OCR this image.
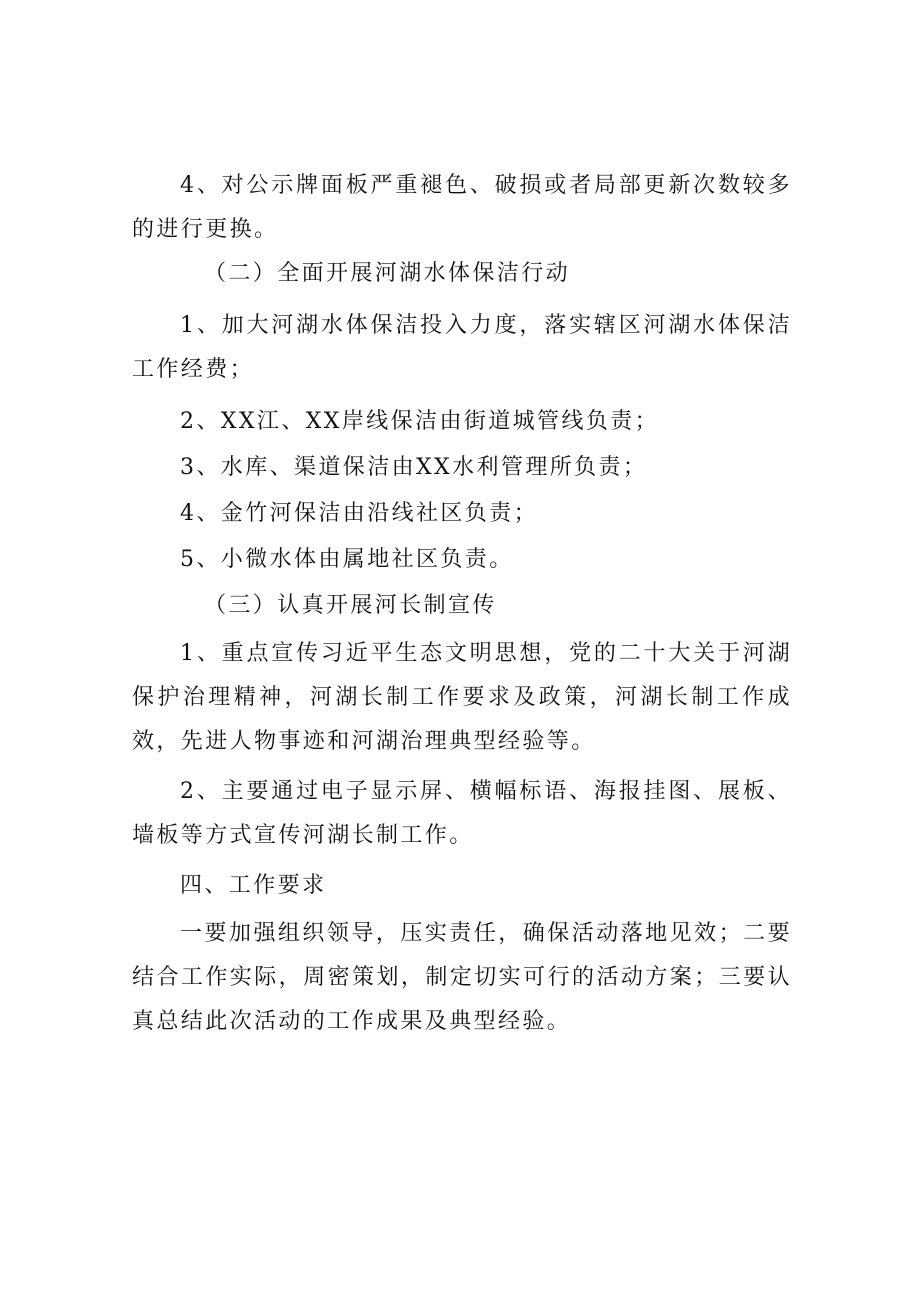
4、对公示牌面板严重褪色、破损或者局部更新次数较多的进行更换。

（二）全面开展河湖水体保洁行动

1、加大河湖水体保洁投入力度，落实辖区河湖水体保洁工作经费；

2、XX江、XX岸线保洁由街道城管线负责；

3、水库、渠道保洁由XX水利管理所负责；

4、金竹河保洁由沿线社区负责；

5、小微水体由属地社区负责。

（三）认真开展河长制宣传

1、重点宣传习近平生态文明思想，党的二十大关于河湖保护治理精神，河湖长制工作要求及政策，河湖长制工作成效，先进人物事迹和河湖治理典型经验等。

2、主要通过电子显示屏、横幅标语、海报挂图、展板、墙板等方式宣传河湖长制工作。

四、工作要求

一要加强组织领导，压实责任，确保活动落地见效；二要结合工作实际，周密策划，制定切实可行的活动方案；三要认真总结此次活动的工作成果及典型经验。
